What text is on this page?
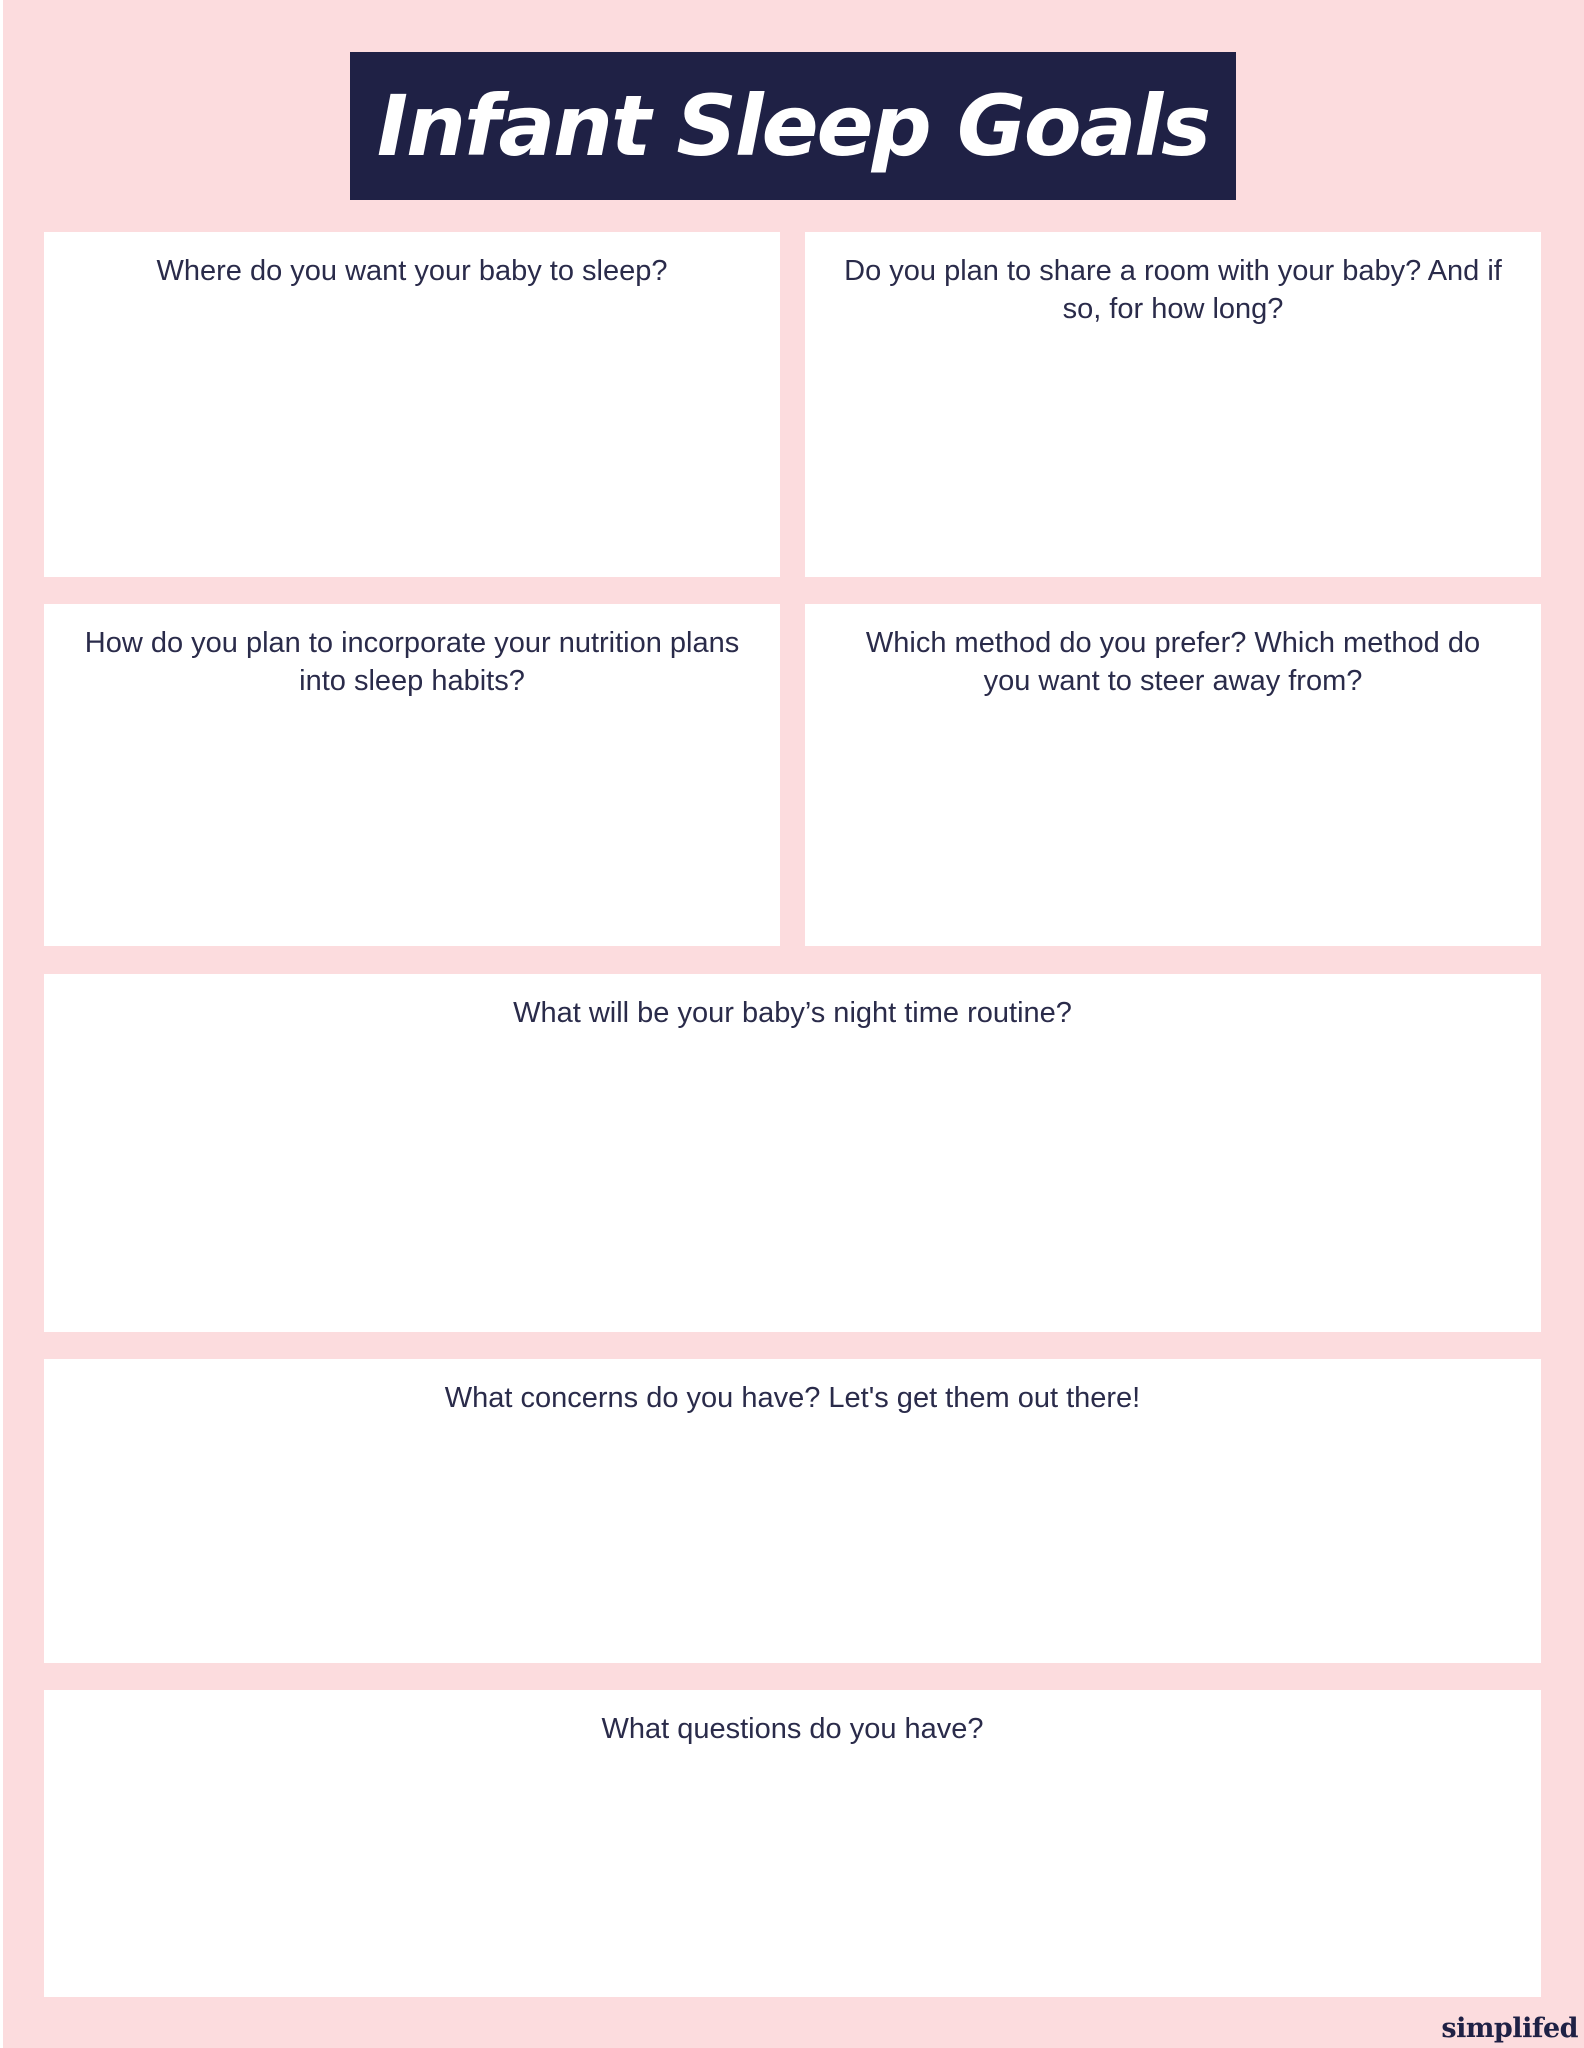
Infant Sleep Goals
Where do you want your baby to sleep?	Do you plan to share a room with your baby? And if so, for how long?
How do you plan to incorporate your nutrition plans into sleep habits?
Which method do you prefer? Which method do you want to steer away from?
What will be your baby’s night time routine?
What concerns do you have? Let's get them out there!
What questions do you have?
simplifed
